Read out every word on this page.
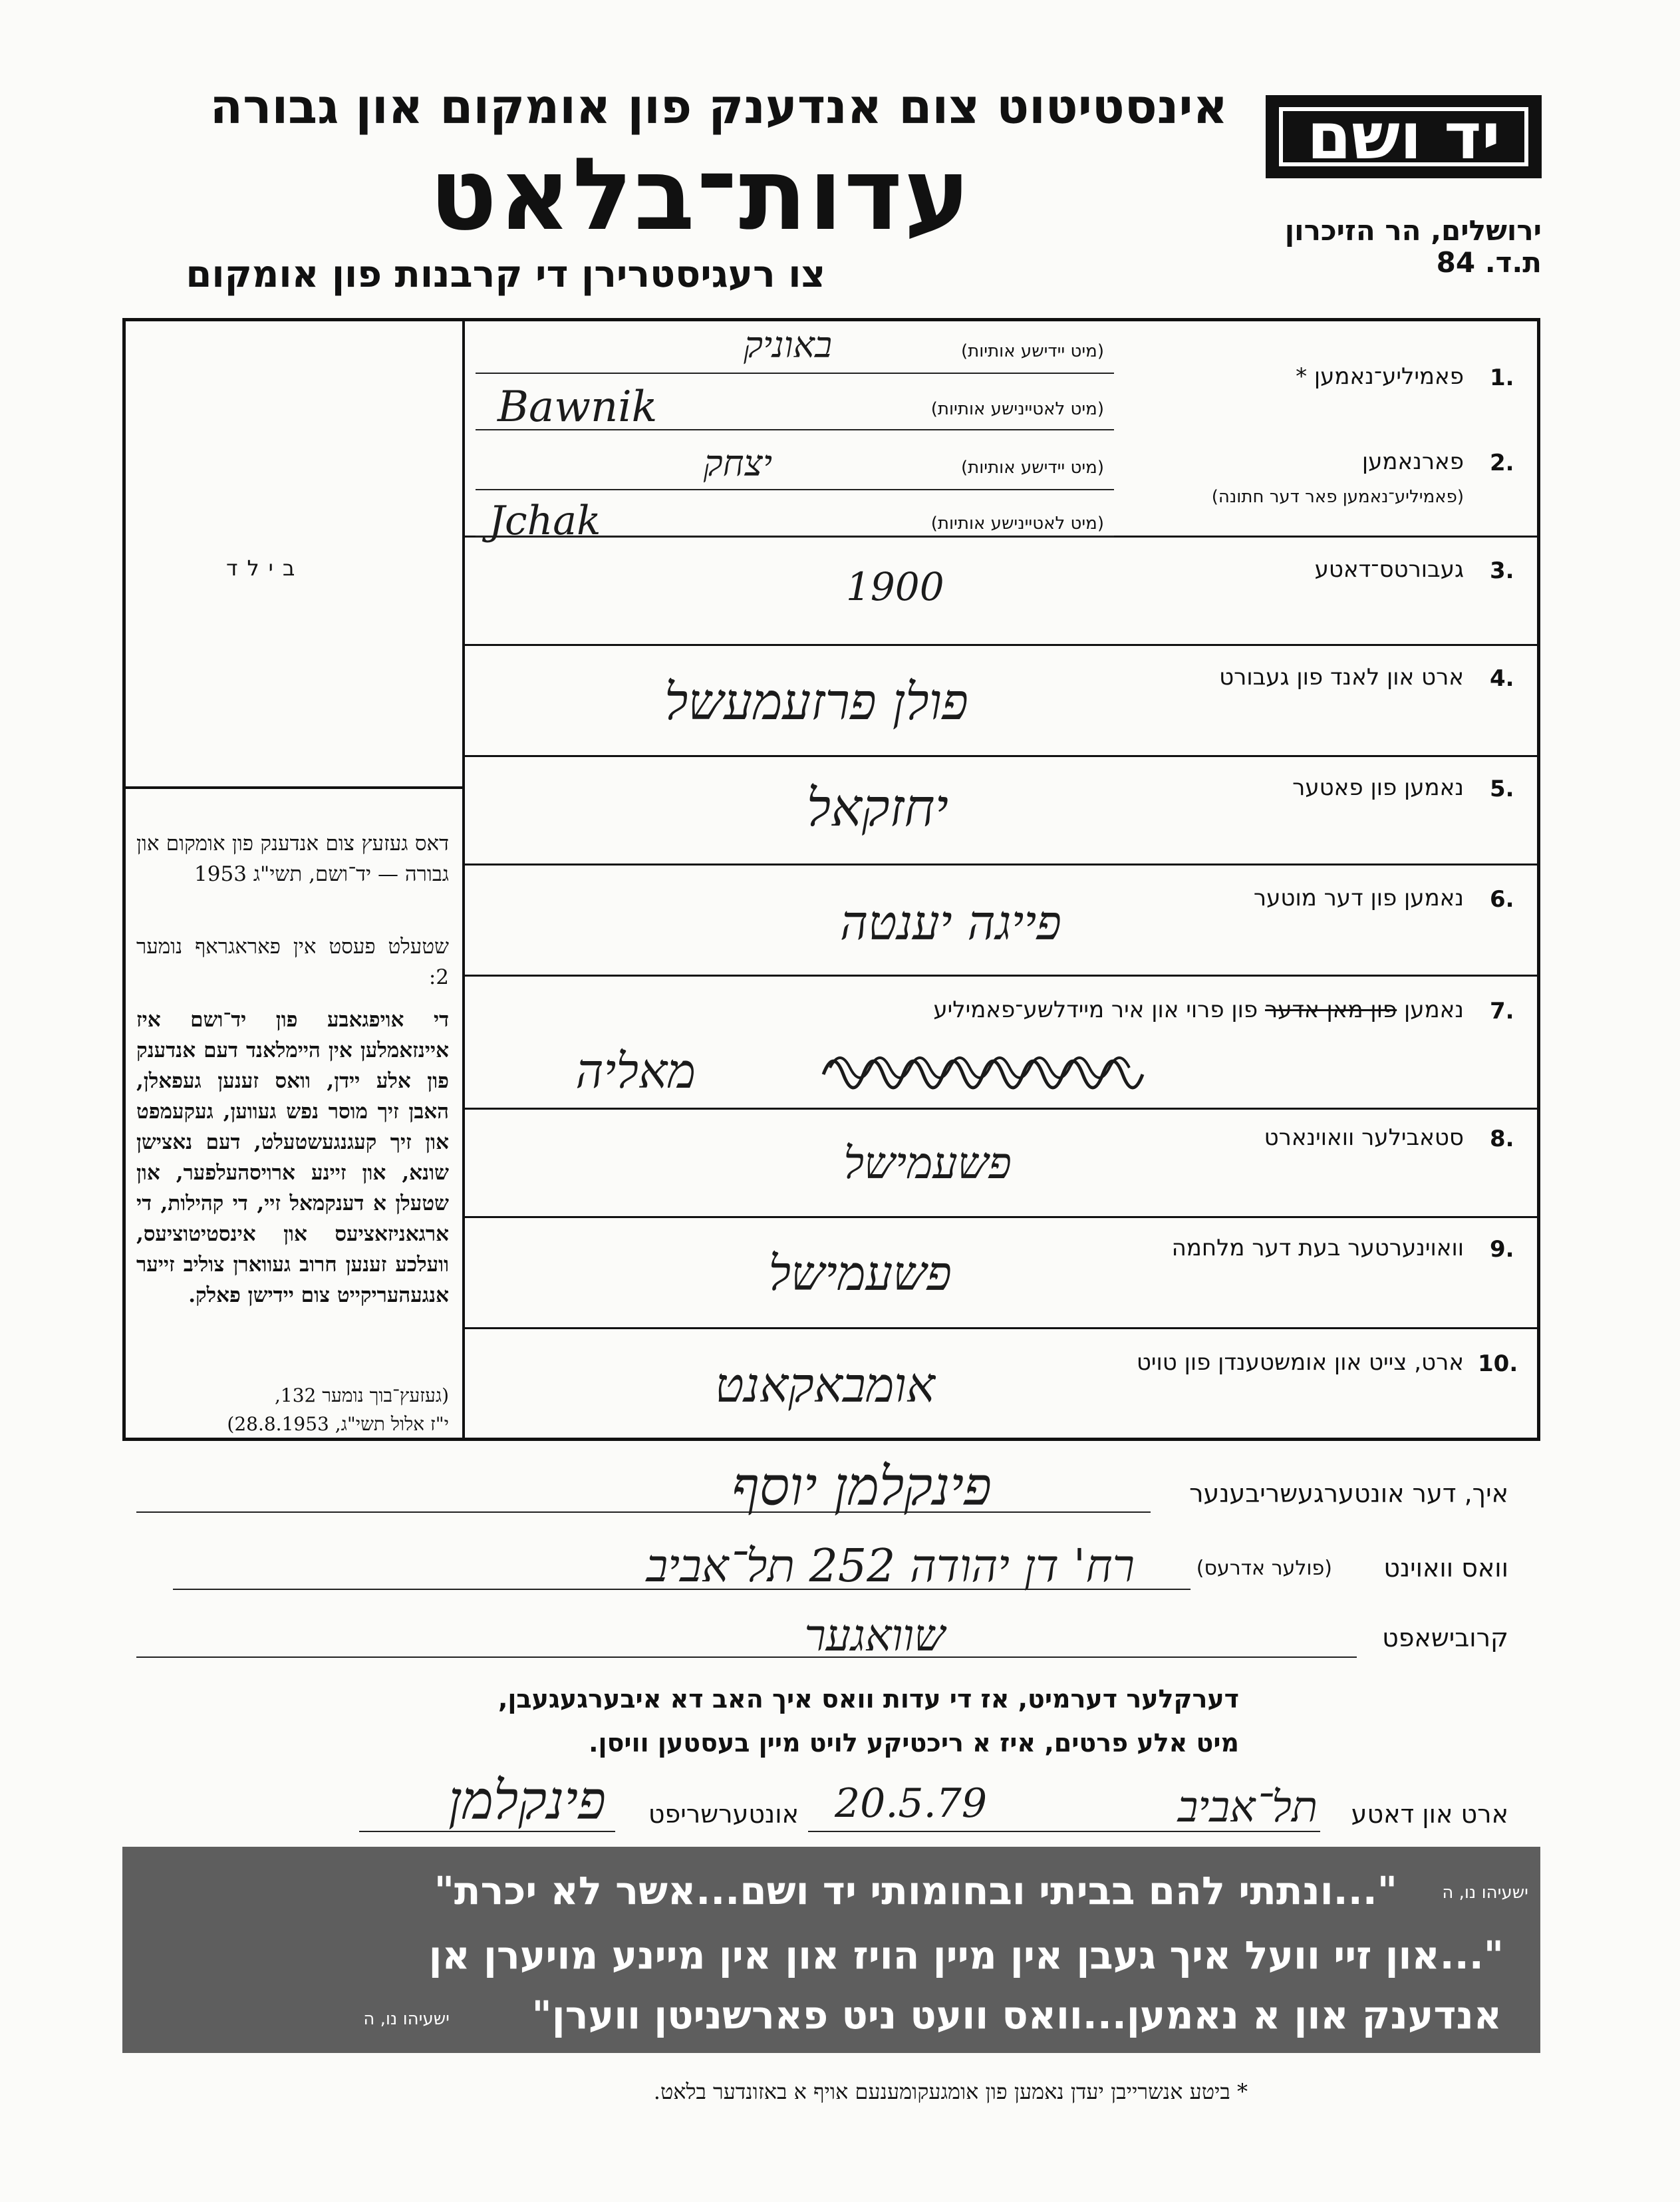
יד ושם
אינסטיטוט צום אנדענק פון אומקום און גבורה
עדות־בלאט
צו רעגיסטרירן די קרבנות פון אומקום
ירושלים, הר הזיכרון
ת.ד. 84
1.
פאמיליע־נאמען *
(מיט יידישע אותיות)
באוניק
(מיט לאטיינישע אותיות)
Bawnik
2.
פארנאמען
(פאמיליע־נאמען פאר דער חתונה)
(מיט יידישע אותיות)
יצחק
(מיט לאטיינישע אותיות)
Jchak
3.
געבורטס־דאטע
1900
4.
ארט און לאנד פון געבורט
פולן פרזעמעשל
5.
נאמען פון פאטער
יחזקאל
6.
נאמען פון דער מוטער
פייגה יענטה
7.
נאמען פון מאן אדער פון פרוי און איר מיידלשע־פאמיליע
מאליה
8.
סטאבילער וואוינארט
פשעמישל
9.
וואוינערטער בעת דער מלחמה
פשעמישל
10.
ארט, צייט און אומשטענדן פון טויט
אומבאקאנט
בילד
דאס געזעץ צום אנדענק פון אומקום און גבורה — יד־ושם, תשי"ג 1953
שטעלט פעסט אין פאראגראף נומער 2:
די אויפגאבע פון יד־ושם איז איינזאמלען אין היימלאנד דעם אנדענק פון אלע יידן, וואס זענען געפאלן, האבן זיך מוסר נפש געווען, געקעמפט און זיך קעגנגעשטעלט, דעם נאצישן שונא, און זיינע ארויסהעלפער, און שטעלן א דענקמאל זיי, די קהילות, די ארגאניזאציעס און אינסטיטוציעס, וועלכע זענען חרוב געווארן צוליב זייער אנגעהעריקייט צום יידישן פאלק.
(געזעץ־בוך נומער 132,
י"ז אלול תשי"ג, 28.8.1953)
איך, דער אונטערגעשריבענער
פינקלמן יוסף
וואס וואוינט
(פולער אדרעס)
רח' דן יהודה 252 תל־אביב
קרובישאפט
שוואגער
דערקלער דערמיט, אז די עדות וואס איך האב דא איבערגעגעבן,
מיט אלע פרטים, איז א ריכטיקע לויט מיין בעסטען וויסן.
ארט און דאטע
תל־אביב
20.5.79
אונטערשריפט
פינקלמן
"...ונתתי להם בביתי ובחומותי יד ושם...אשר לא יכרת"	ישעיהו נו, ה
"...און זיי וועל איך געבן אין מיין הויז און אין מיינע מויערן אן
אנדענק און א נאמען...וואס וועט ניט פארשניטן ווערן"
ישעיהו נו, ה
* ביטע אנשרייבן יעדן נאמען פון אומגעקומענעם אויף א באזונדער בלאט.
